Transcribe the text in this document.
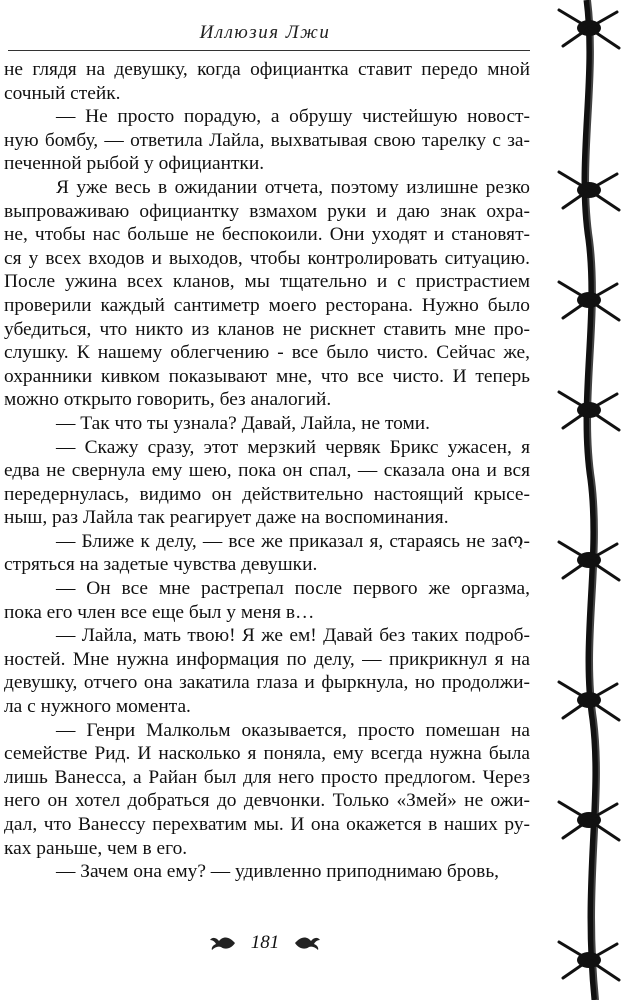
Иллюзия Лжи
не глядя на девушку, когда официантка ставит передо мной
сочный стейк.
— Не просто порадую, а обрушу чистейшую новост-
ную бомбу, — ответила Лайла, выхватывая свою тарелку с за-
печенной рыбой у официантки.
Я уже весь в ожидании отчета, поэтому излишне резко
выпроваживаю официантку взмахом руки и даю знак охра-
не, чтобы нас больше не беспокоили. Они уходят и становят-
ся у всех входов и выходов, чтобы контролировать ситуацию.
После ужина всех кланов, мы тщательно и с пристрастием
проверили каждый сантиметр моего ресторана. Нужно было
убедиться, что никто из кланов не рискнет ставить мне про-
слушку. К нашему облегчению - все было чисто. Сейчас же,
охранники кивком показывают мне, что все чисто. И теперь
можно открыто говорить, без аналогий.
— Так что ты узнала? Давай, Лайла, не томи.
— Скажу сразу, этот мерзкий червяк Брикс ужасен, я
едва не свернула ему шею, пока он спал, — сказала она и вся
передернулась, видимо он действительно настоящий крысе-
ныш, раз Лайла так реагирует даже на воспоминания.
— Ближе к делу, — все же приказал я, стараясь не заო-
стряться на задетые чувства девушки.
— Он все мне растрепал после первого же оргазма,
пока его член все еще был у меня в…
— Лайла, мать твою! Я же ем! Давай без таких подроб-
ностей. Мне нужна информация по делу, — прикрикнул я на
девушку, отчего она закатила глаза и фыркнула, но продолжи-
ла с нужного момента.
— Генри Малкольм оказывается, просто помешан на
семействе Рид. И насколько я поняла, ему всегда нужна была
лишь Ванесса, а Райан был для него просто предлогом. Через
него он хотел добраться до девчонки. Только «Змей» не ожи-
дал, что Ванессу перехватим мы. И она окажется в наших ру-
ках раньше, чем в его.
— Зачем она ему? — удивленно приподнимаю бровь,
181
